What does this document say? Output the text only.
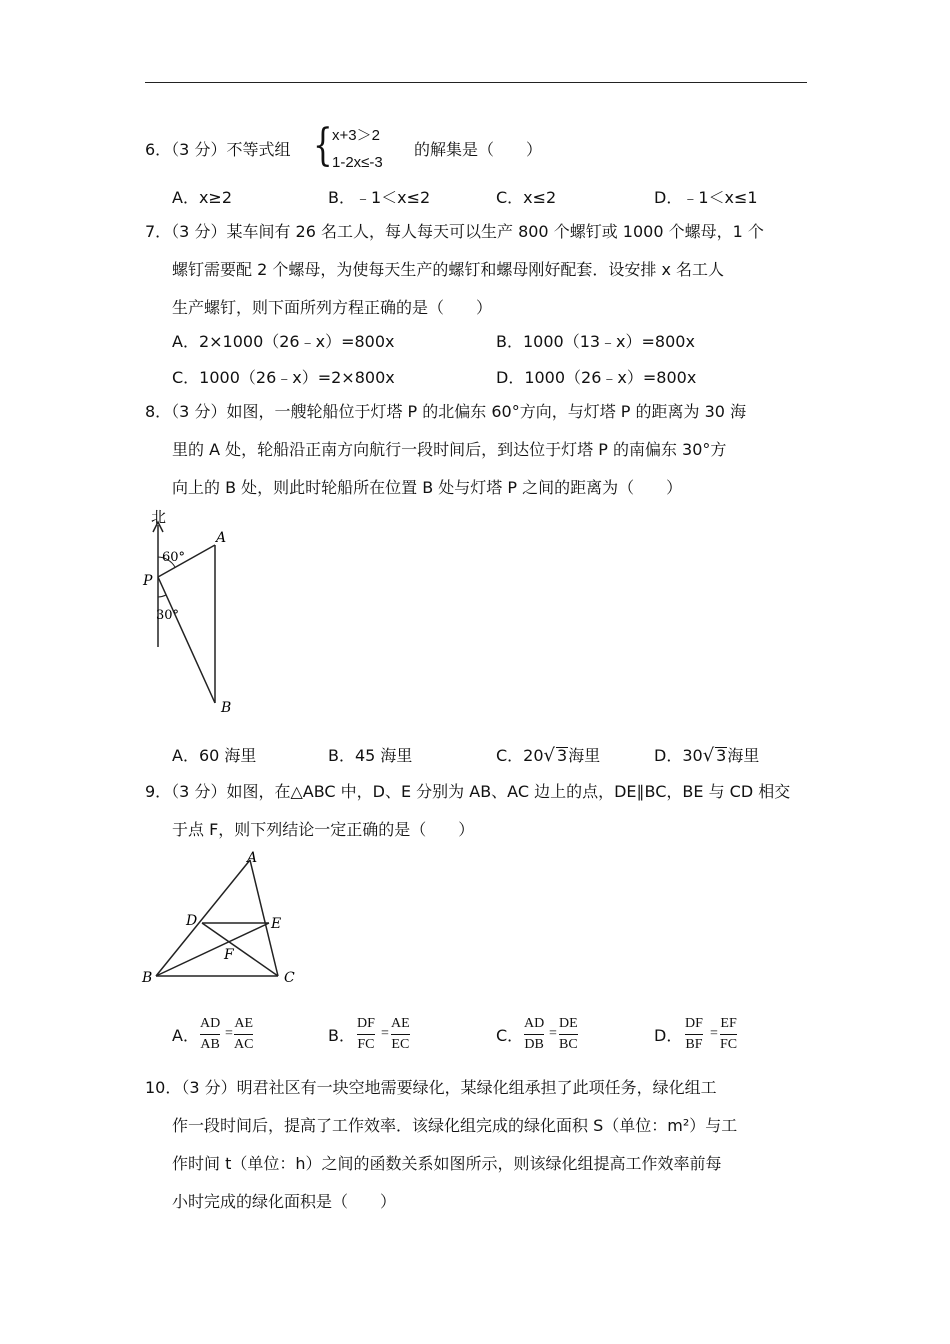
6．（3 分）不等式组 { x+3＞2
1-2x≤-3
的解集是（　　）
A．x≥2	B．﹣1＜x≤2	C．x≤2	D．﹣1＜x≤1
7．（3 分）某车间有 26 名工人，每人每天可以生产 800 个螺钉或 1000 个螺母，1 个
螺钉需要配 2 个螺母，为使每天生产的螺钉和螺母刚好配套．设安排 x 名工人
生产螺钉，则下面所列方程正确的是（　　）
A．2×1000（26﹣x）=800x	B．1000（13﹣x）=800x
C．1000（26﹣x）=2×800x	D．1000（26﹣x）=800x
8．（3 分）如图，一艘轮船位于灯塔 P 的北偏东 60°方向，与灯塔 P 的距离为 30 海
里的 A 处，轮船沿正南方向航行一段时间后，到达位于灯塔 P 的南偏东 30°方
向上的 B 处，则此时轮船所在位置 B 处与灯塔 P 之间的距离为（　　）
北
60°
30°
P
A
B
A．60 海里	B．45 海里	C．20√ 3海里	D．30√ 3海里
9．（3 分）如图，在△ABC 中，D、E 分别为 AB、AC 边上的点，DE∥BC，BE 与 CD 相交
于点 F，则下列结论一定正确的是（　　）
A
B	C
D	E
F
A．
AD
AB
=
AE
AC	B．
DF
FC
=
AE
EC	C．
AD
DB
=
DE
BC	D．
DF
BF
=
EF
FC
10．（3 分）明君社区有一块空地需要绿化，某绿化组承担了此项任务，绿化组工
作一段时间后，提高了工作效率．该绿化组完成的绿化面积 S（单位：m²）与工
作时间 t（单位：h）之间的函数关系如图所示，则该绿化组提高工作效率前每
小时完成的绿化面积是（　　）
